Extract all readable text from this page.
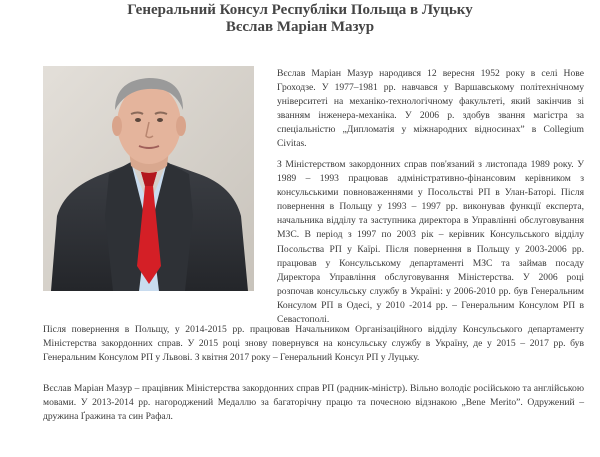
Генеральний Консул Республіки Польща в Луцьку
Вєслав Маріан Мазур

Вєслав Маріан Мазур народився 12 вересня 1952 року в селі Нове Гроходзе. У 1977–1981 рр. навчався у Варшавському політехнічному університеті на механіко-технологічному факультеті, який закінчив зі званням інженера-механіка. У 2006 р. здобув звання магістра за спеціальністю „Дипломатія у міжнародних відносинах” в Collegium Civitas.

З Міністерством закордонних справ пов'язаний з листопада 1989 року. У 1989 – 1993 працював адміністративно-фінансовим керівником з консульськими повноваженнями у Посольстві РП в Улан-Баторі. Після повернення в Польщу у 1993 – 1997 рр. виконував функції експерта, начальника відділу та заступника директора в Управлінні обслуговування МЗС. В період з 1997 по 2003 рік – керівник Консульського відділу Посольства РП у Каїрі. Після повернення в Польщу у 2003-2006 рр. працював у Консульському департаменті МЗС та займав посаду Директора Управління обслуговування Міністерства. У 2006 році розпочав консульську службу в Україні: у 2006-2010 рр. був Генеральним Консулом РП в Одесі, у 2010 -2014 рр. – Генеральним Консулом РП в Севастополі.

Після повернення в Польщу, у 2014-2015 рр. працював Начальником Організаційного відділу Консульського департаменту Міністерства закордонних справ. У 2015 році знову повернувся на консульську службу в Україну, де у 2015 – 2017 рр. був Генеральним Консулом РП у Львові. З квітня 2017 року – Генеральний Консул РП у Луцьку.

Вєслав Маріан Мазур – працівник Міністерства закордонних справ РП (радник-міністр). Вільно володіє російською та англійською мовами. У 2013-2014 рр. нагороджений Медаллю за багаторічну працю та почесною відзнакою „Bene Merito”. Одружений – дружина Ґражина та син Рафал.
